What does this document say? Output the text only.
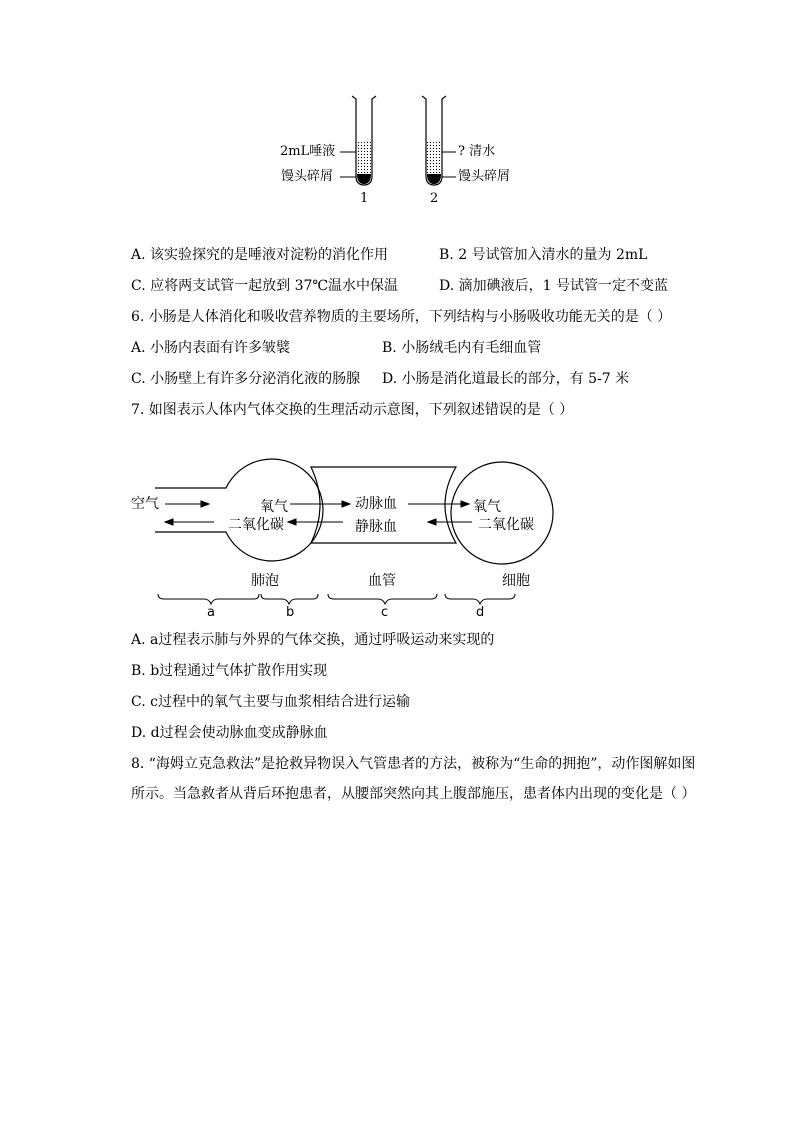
2mL唾液
馒头碎屑
? 清水
馒头碎屑
1	2
A. 该实验探究的是唾液对淀粉的消化作用	B. 2 号试管加入清水的量为 2mL
C. 应将两支试管一起放到 37℃温水中保温	D. 滴加碘液后，1 号试管一定不变蓝
6. 小肠是人体消化和吸收营养物质的主要场所，下列结构与小肠吸收功能无关的是（ ）
A. 小肠内表面有许多皱襞	B. 小肠绒毛内有毛细血管
C. 小肠壁上有许多分泌消化液的肠腺 D. 小肠是消化道最长的部分，有 5-7 米
7. 如图表示人体内气体交换的生理活动示意图，下列叙述错误的是（ ）
空气	氧气
二氧化碳
动脉血
静脉血
氧气
二氧化碳
肺泡	血管	细胞
a	b	c	d
A. a过程表示肺与外界的气体交换，通过呼吸运动来实现的
B. b过程通过气体扩散作用实现
C. c过程中的氧气主要与血浆相结合进行运输
D. d过程会使动脉血变成静脉血
8. “海姆立克急救法”是抢救异物误入气管患者的方法，被称为“生命的拥抱”，动作图解如图所示。当急救者从背后环抱患者，从腰部突然向其上腹部施压，患者体内出现的变化是（ ）
